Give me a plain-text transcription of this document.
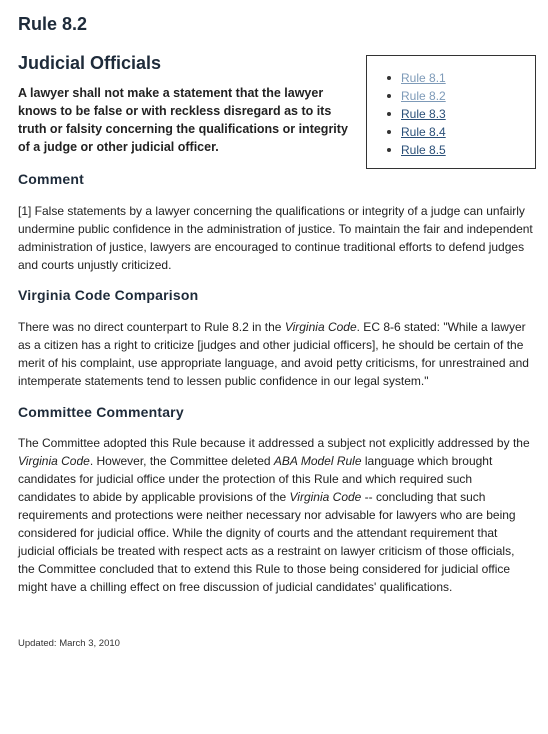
Rule 8.2
Judicial Officials

A lawyer shall not make a statement that the lawyer knows to be false or with reckless disregard as to its truth or falsity concerning the qualifications or integrity of a judge or other judicial officer.

Rule 8.1
Rule 8.2
Rule 8.3
Rule 8.4
Rule 8.5
Comment

[1] False statements by a lawyer concerning the qualifications or integrity of a judge can unfairly undermine public confidence in the administration of justice. To maintain the fair and independent administration of justice, lawyers are encouraged to continue traditional efforts to defend judges and courts unjustly criticized.

Virginia Code Comparison

There was no direct counterpart to Rule 8.2 in the Virginia Code. EC 8-6 stated: "While a lawyer as a citizen has a right to criticize [judges and other judicial officers], he should be certain of the merit of his complaint, use appropriate language, and avoid petty criticisms, for unrestrained and intemperate statements tend to lessen public confidence in our legal system."

Committee Commentary

The Committee adopted this Rule because it addressed a subject not explicitly addressed by the Virginia Code. However, the Committee deleted ABA Model Rule language which brought candidates for judicial office under the protection of this Rule and which required such candidates to abide by applicable provisions of the Virginia Code -- concluding that such requirements and protections were neither necessary nor advisable for lawyers who are being considered for judicial office. While the dignity of courts and the attendant requirement that judicial officials be treated with respect acts as a restraint on lawyer criticism of those officials, the Committee concluded that to extend this Rule to those being considered for judicial office might have a chilling effect on free discussion of judicial candidates' qualifications.

Updated: March 3, 2010
